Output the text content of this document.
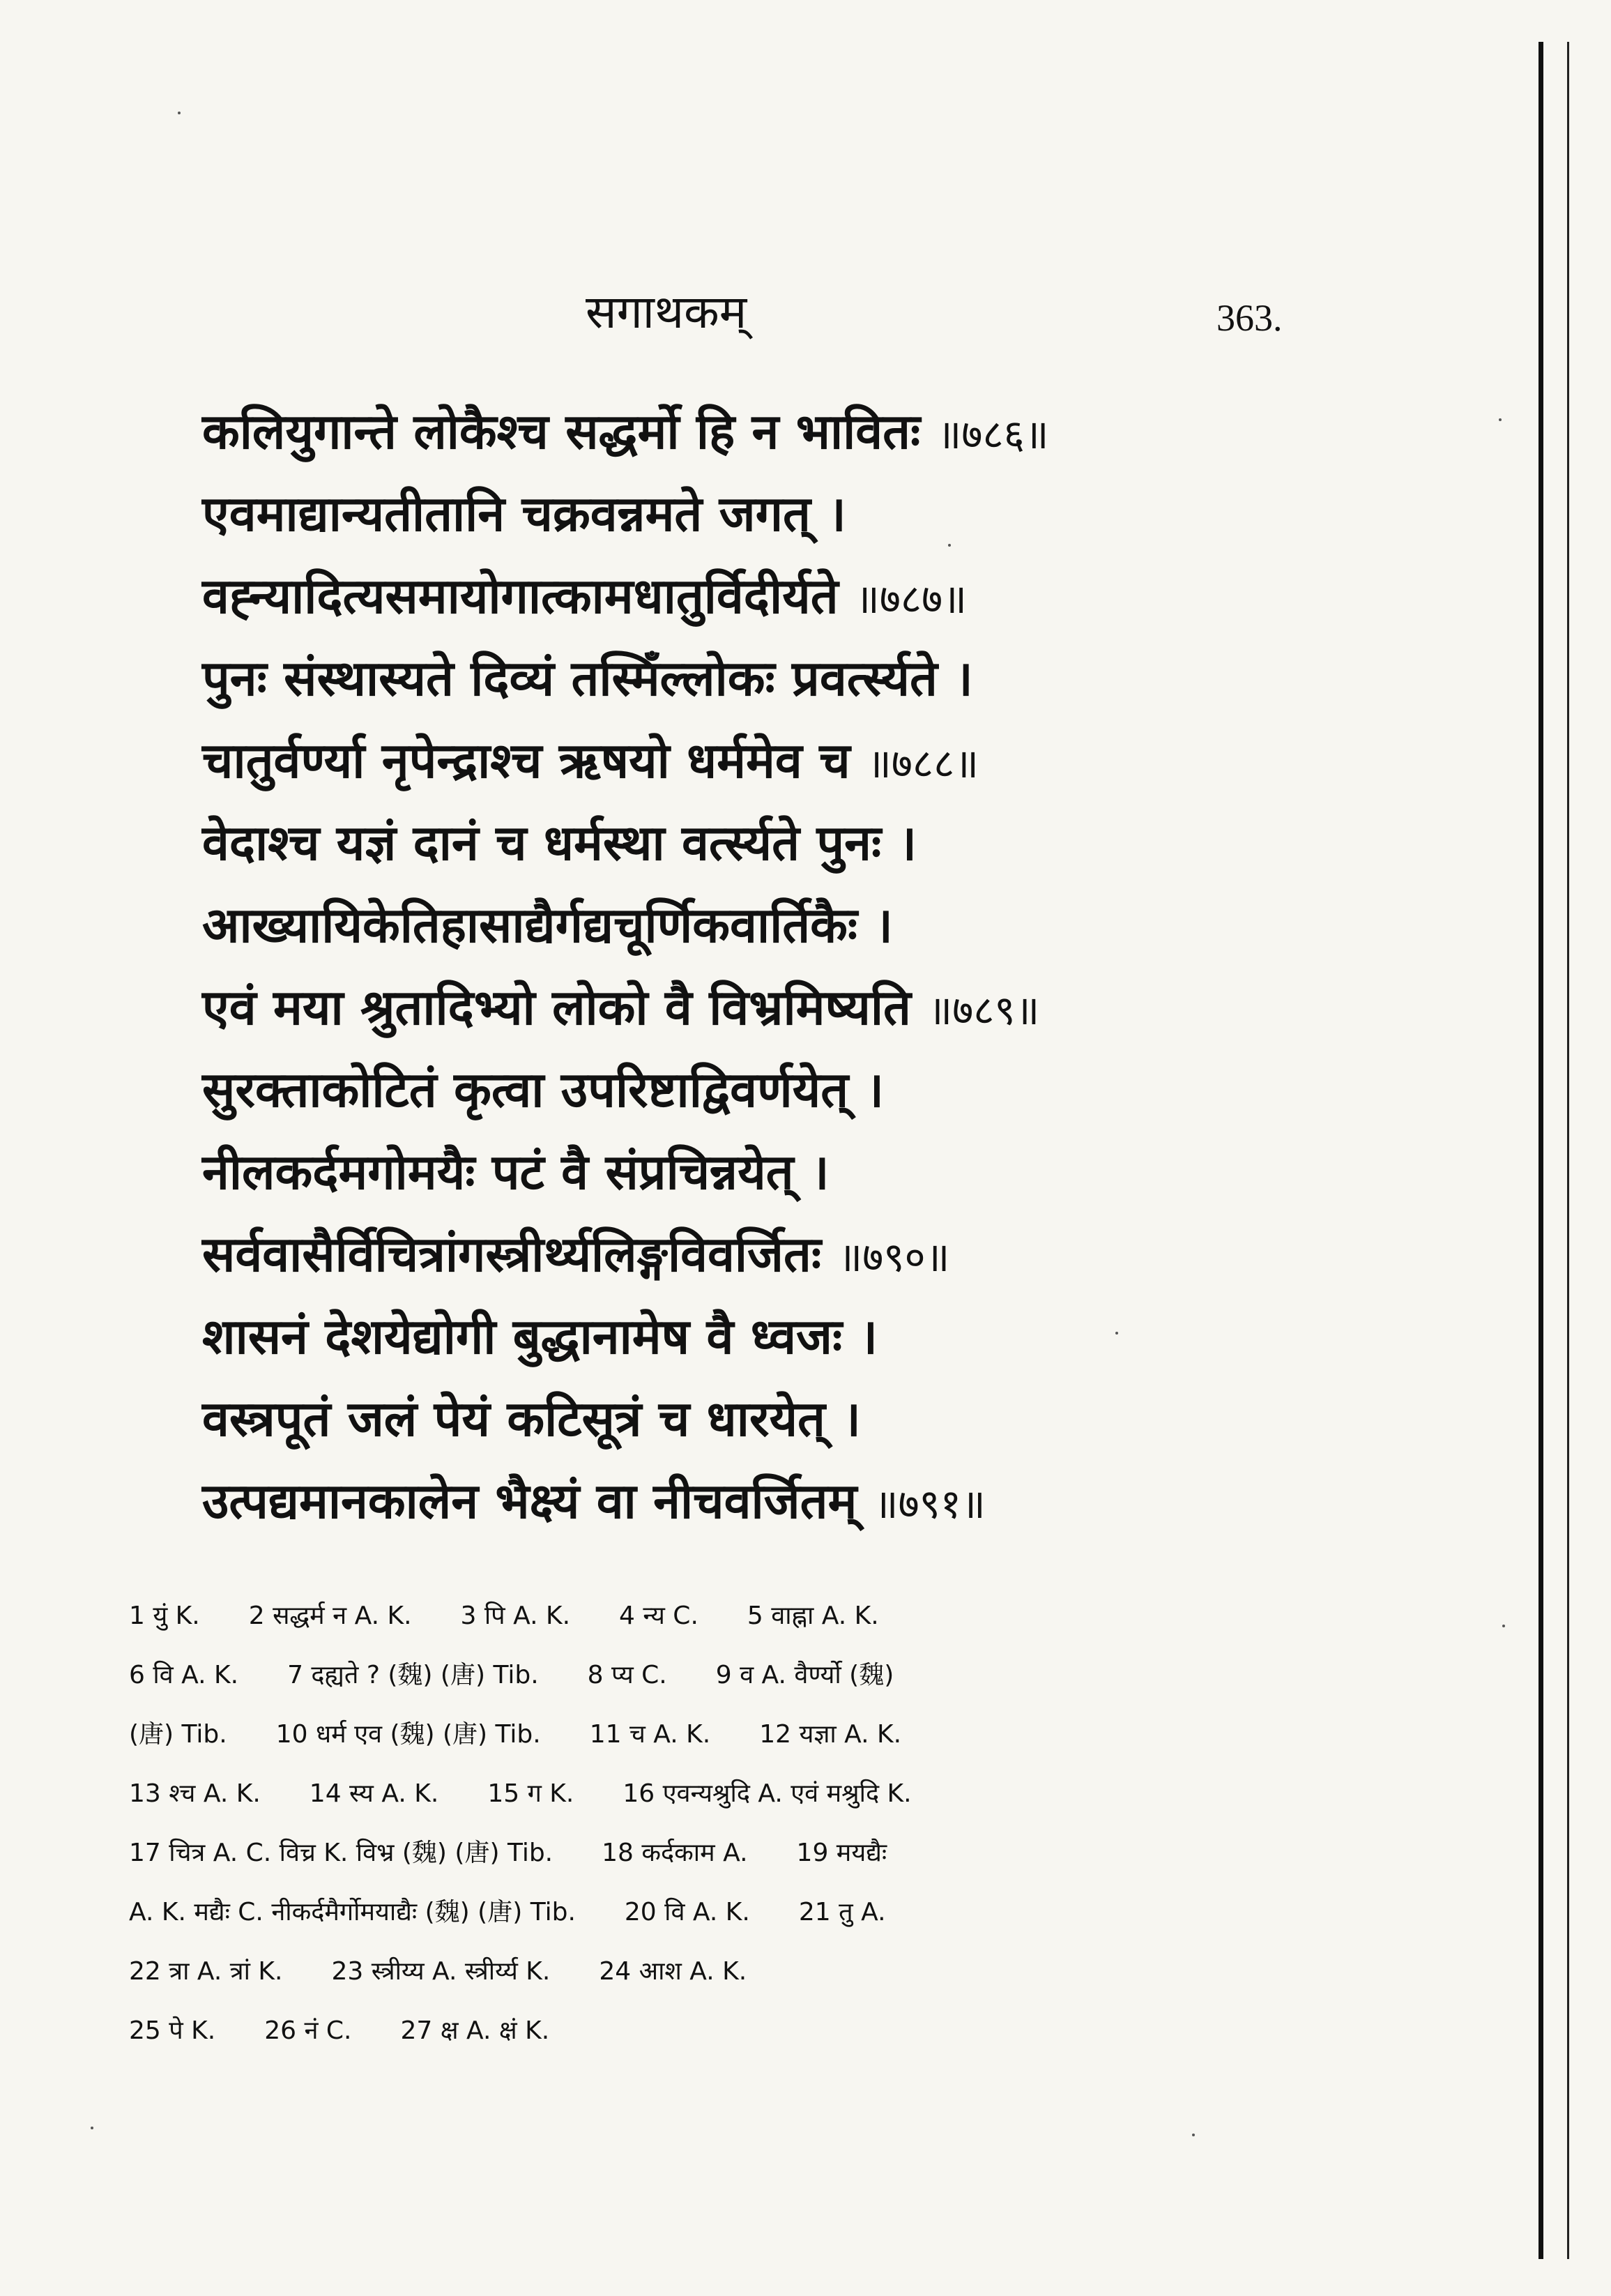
सगाथकम्	363.
कलियुगान्ते लोकैश्च सद्धर्मो हि न भावितः ॥७८६॥
एवमाद्यान्यतीतानि चक्रवन्नमते जगत् ।
वह्न्यादित्यसमायोगात्कामधातुर्विदीर्यते ॥७८७॥
पुनः संस्थास्यते दिव्यं तस्मिँल्लोकः प्रवर्त्स्यते ।
चातुर्वर्ण्या नृपेन्द्राश्च ऋषयो धर्ममेव च ॥७८८॥
वेदाश्च यज्ञं दानं च धर्मस्था वर्त्स्यते पुनः ।
आख्यायिकेतिहासाद्यैर्गद्यचूर्णिकवार्तिकैः ।
एवं मया श्रुतादिभ्यो लोको वै विभ्रमिष्यति ॥७८९॥
सुरक्ताकोटितं कृत्वा उपरिष्टाद्विवर्णयेत् ।
नीलकर्दमगोमयैः पटं वै संप्रचिन्नयेत् ।
सर्ववासैर्विचित्रांगस्त्रीर्थ्यलिङ्गविवर्जितः ॥७९०॥
शासनं देशयेद्योगी बुद्धानामेष वै ध्वजः ।
वस्त्रपूतं जलं पेयं कटिसूत्रं च धारयेत् ।
उत्पद्यमानकालेन भैक्ष्यं वा नीचवर्जितम् ॥७९१॥
1 युं K. 2 सद्धर्म न A. K. 3 पि A. K. 4 न्य C. 5 वाह्ना A. K.
6 वि A. K. 7 दह्यते ? (魏) (唐) Tib. 8 प्य C. 9 व A. वैर्ण्यो (魏)
(唐) Tib. 10 धर्म एव (魏) (唐) Tib. 11 च A. K. 12 यज्ञा A. K.
13 श्च A. K. 14 स्य A. K. 15 ग K. 16 एवन्यश्रुदि A. एवं मश्रुदि K.
17 चित्र A. C. विच्र K. विभ्र (魏) (唐) Tib. 18 कर्दकाम A. 19 मयद्यैः
A. K. मद्यैः C. नीकर्दमैर्गोमयाद्यैः (魏) (唐) Tib. 20 वि A. K. 21 तु A.
22 त्रा A. त्रां K. 23 स्त्रीय्य A. स्त्रीर्य्य K. 24 आश A. K.
25 पे K. 26 नं C. 27 क्ष A. क्षं K.
